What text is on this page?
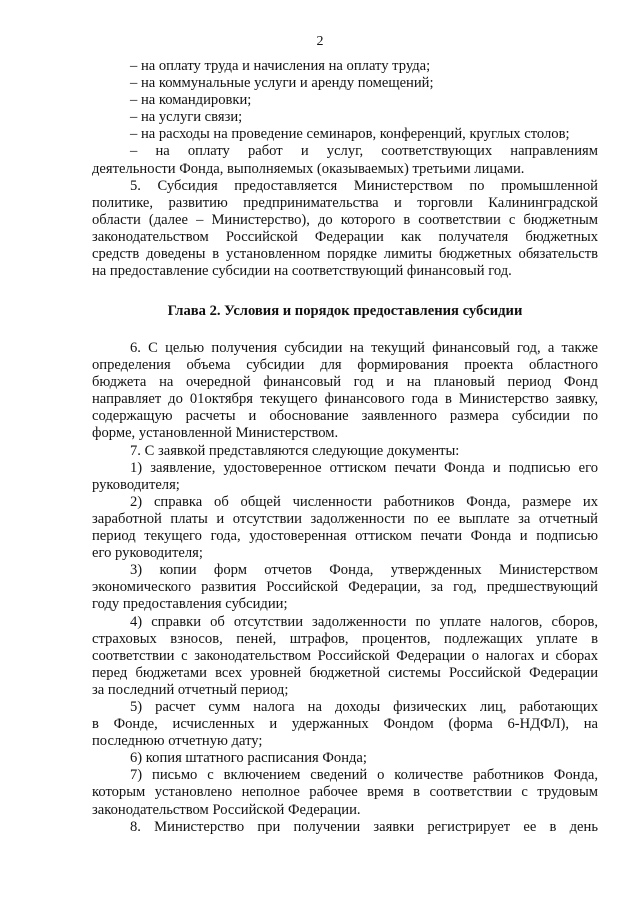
2
– на оплату труда и начисления на оплату труда;
– на коммунальные услуги и аренду помещений;
– на командировки;
– на услуги связи;
– на расходы на проведение семинаров, конференций, круглых столов;
– на оплату работ и услуг, соответствующих направлениям
деятельности Фонда, выполняемых (оказываемых) третьими лицами.
5. Субсидия предоставляется Министерством по промышленной
политике, развитию предпринимательства и торговли Калининградской
области (далее – Министерство), до которого в соответствии с бюджетным
законодательством Российской Федерации как получателя бюджетных
средств доведены в установленном порядке лимиты бюджетных обязательств
на предоставление субсидии на соответствующий финансовый год.
Глава 2. Условия и порядок предоставления субсидии
6. С целью получения субсидии на текущий финансовый год, а также
определения объема субсидии для формирования проекта областного
бюджета на очередной финансовый год и на плановый период Фонд
направляет до 01октября текущего финансового года в Министерство заявку,
содержащую расчеты и обоснование заявленного размера субсидии по
форме, установленной Министерством.
7. С заявкой представляются следующие документы:
1) заявление, удостоверенное оттиском печати Фонда и подписью его
руководителя;
2) справка об общей численности работников Фонда, размере их
заработной платы и отсутствии задолженности по ее выплате за отчетный
период текущего года, удостоверенная оттиском печати Фонда и подписью
его руководителя;
3) копии форм отчетов Фонда, утвержденных Министерством
экономического развития Российской Федерации, за год, предшествующий
году предоставления субсидии;
4) справки об отсутствии задолженности по уплате налогов, сборов,
страховых взносов, пеней, штрафов, процентов, подлежащих уплате в
соответствии с законодательством Российской Федерации о налогах и сборах
перед бюджетами всех уровней бюджетной системы Российской Федерации
за последний отчетный период;
5) расчет сумм налога на доходы физических лиц, работающих
в Фонде, исчисленных и удержанных Фондом (форма 6-НДФЛ), на
последнюю отчетную дату;
6) копия штатного расписания Фонда;
7) письмо с включением сведений о количестве работников Фонда,
которым установлено неполное рабочее время в соответствии с трудовым
законодательством Российской Федерации.
8. Министерство при получении заявки регистрирует ее в день
